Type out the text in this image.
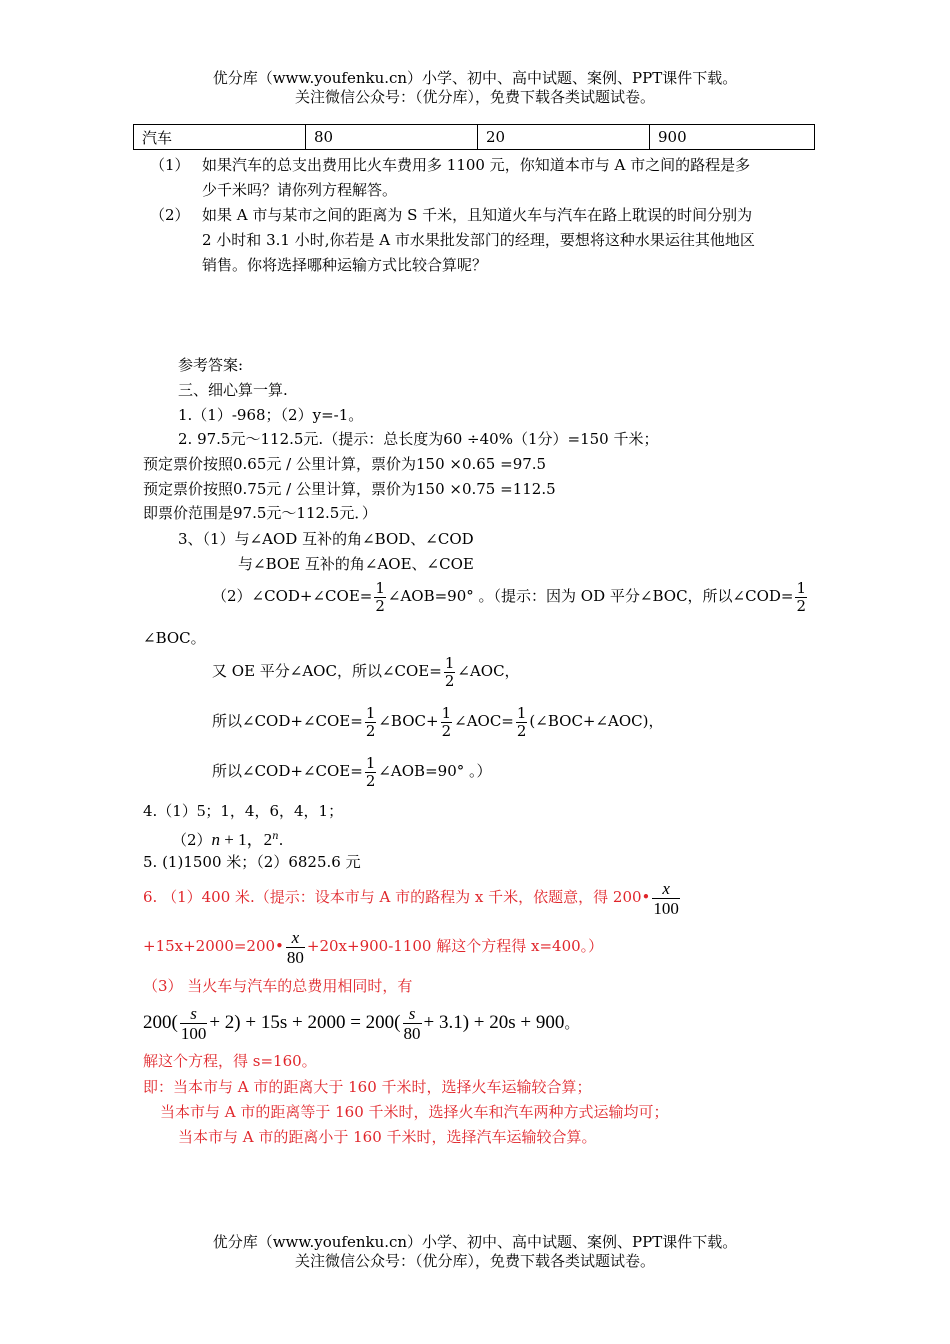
优分库（www.youfenku.cn）小学、初中、高中试题、案例、PPT课件下载。
关注微信公众号：（优分库），免费下载各类试题试卷。
汽车	80	20	900
（1） 如果汽车的总支出费用比火车费用多 1100 元，你知道本市与 A 市之间的路程是多
少千米吗？请你列方程解答。
（2） 如果 A 市与某市之间的距离为 S 千米，且知道火车与汽车在路上耽误的时间分别为
2 小时和 3.1 小时,你若是 A 市水果批发部门的经理，要想将这种水果运往其他地区
销售。你将选择哪种运输方式比较合算呢？
参考答案:
三、细心算一算.
1.（1）-968；（2）y=-1。
2. 97.5元～112.5元.（提示：总长度为60 ÷40%（1分）=150 千米；
预定票价按照0.65元 / 公里计算，票价为150 ×0.65 =97.5
预定票价按照0.75元 / 公里计算，票价为150 ×0.75 =112.5
即票价范围是97.5元～112.5元．）
3、（1）与∠AOD 互补的角∠BOD、∠COD
与∠BOE 互补的角∠AOE、∠COE
（2）∠COD+∠COE= $\frac{1}{2}$ ∠AOB=90° 。（提示：因为 OD 平分∠BOC，所以∠COD= $\frac{1}{2}$
∠BOC。
又 OE 平分∠AOC，所以∠COE= $\frac{1}{2}$ ∠AOC，
所以∠COD+∠COE= $\frac{1}{2}$ ∠BOC+ $\frac{1}{2}$ ∠AOC= $\frac{1}{2}$ (∠BOC+∠AOC)，
所以∠COD+∠COE= $\frac{1}{2}$ ∠AOB=90° 。）
4.（1）5；1，4，6，4，1；
（2）n + 1，2$^n$.
5. (1)1500 米；（2）6825.6 元
6. （1）400 米.（提示：设本市与 A 市的路程为 x 千米，依题意，得 200• $\frac{x}{100}$
+15x+2000=200• $\frac{x}{80} +20x+900-1100$ 解这个方程得 x=400。）
（3） 当火车与汽车的总费用相同时，有
$200( \frac{s}{100} + 2) + 15s + 2000 = 200( \frac{s}{80} + 3.1) + 20s + 900$。
解这个方程，得 s=160。
即：当本市与 A 市的距离大于 160 千米时，选择火车运输较合算；
当本市与 A 市的距离等于 160 千米时，选择火车和汽车两种方式运输均可；
当本市与 A 市的距离小于 160 千米时，选择汽车运输较合算。
优分库（www.youfenku.cn）小学、初中、高中试题、案例、PPT课件下载。
关注微信公众号：（优分库），免费下载各类试题试卷。
